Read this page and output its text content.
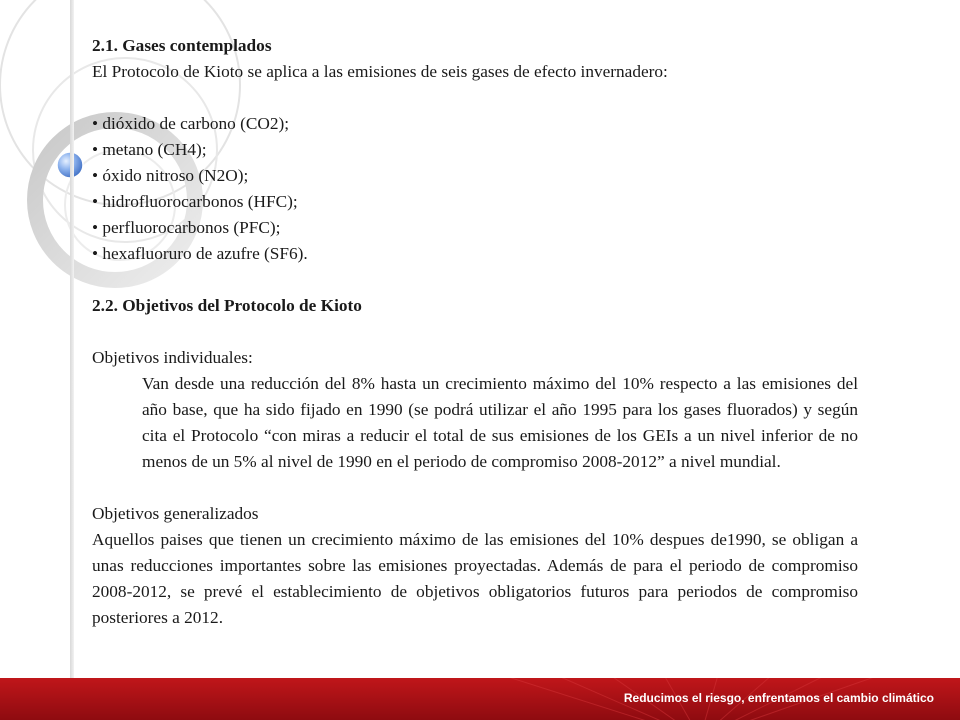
2.1. Gases contemplados

El Protocolo de Kioto se aplica a las emisiones de seis gases de efecto invernadero:

• dióxido de carbono (CO2);

• metano (CH4);

• óxido nitroso (N2O);

• hidrofluorocarbonos (HFC);

• perfluorocarbonos (PFC);

• hexafluoruro de azufre (SF6).

2.2. Objetivos del Protocolo de Kioto

Objetivos individuales:

Van desde una reducción del 8% hasta un crecimiento máximo del 10% respecto a las emisiones del año base, que ha sido fijado en 1990 (se podrá utilizar el año 1995 para los gases fluorados) y según cita el Protocolo “con miras a reducir el total de sus emisiones de los GEIs a un nivel inferior de no menos de un 5% al nivel de 1990 en el periodo de compromiso 2008-2012” a nivel mundial.

Objetivos generalizados

Aquellos paises que tienen un crecimiento máximo de las emisiones del 10% despues de1990, se obligan a unas reducciones importantes sobre las emisiones proyectadas. Además de para el periodo de compromiso 2008-2012, se prevé el establecimiento de objetivos obligatorios futuros para periodos de compromiso posteriores a 2012.

Reducimos el riesgo, enfrentamos el cambio climático
